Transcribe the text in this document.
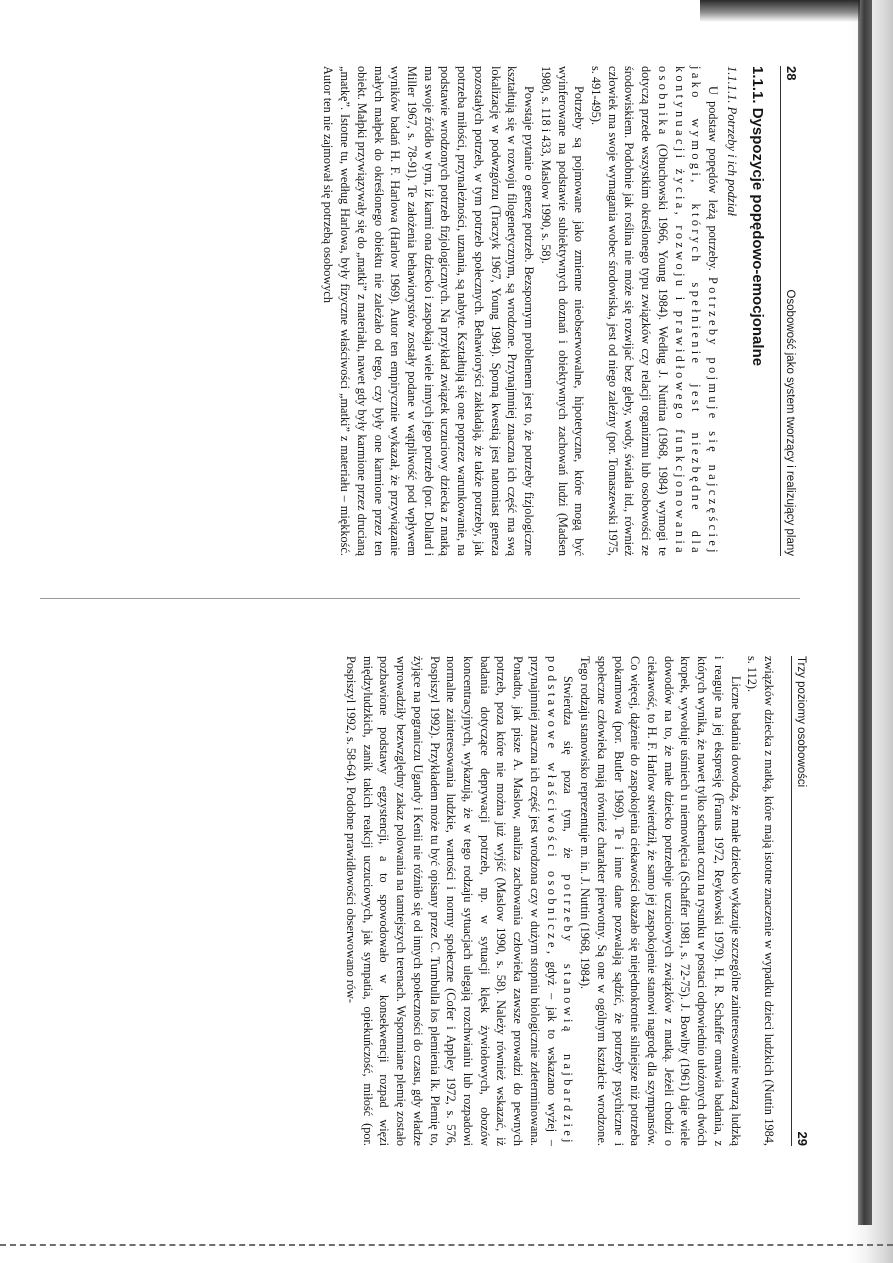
28
Osobowość jako system tworzący i realizujący plany
1.1.1. Dyspozycje popędowo-emocjonalne
1.1.1.1. Potrzeby i ich podział

U podstaw popędów leżą potrzeby. Potrzeby pojmuje się najczęściej jako wymogi, których spełnienie jest niezbędne dla kontynuacji życia, rozwoju i prawidłowego funkcjonowania osobnika (Obuchowski 1966, Young 1984). Według J. Nuttina (1968, 1984) wymogi te dotyczą przede wszystkim określonego typu związków czy relacji organizmu lub osobowości ze środowiskiem. Podobnie jak roślina nie może się rozwijać bez gleby, wody, światła itd., również człowiek ma swoje wymagania wobec środowiska, jest od niego zależny (por. Tomaszewski 1975, s. 491-495).

Potrzeby są pojmowane jako zmienne nieobserwowalne, hipotetyczne, które mogą być wyinferowane na podstawie subiektywnych doznań i obiektywnych zachowań ludzi (Madsen 1980, s. 118 i 433, Maslow 1990, s. 58).

Powstaje pytanie o genezę potrzeb. Bezspornym problemem jest to, że potrzeby fizjologiczne kształtują się w rozwoju filogenetycznym, są wrodzone. Przynajmniej znaczna ich część ma swą lokalizację w podwzgórzu (Traczyk 1967, Young 1984). Sporną kwestią jest natomiast geneza pozostałych potrzeb, w tym potrzeb społecznych. Behawioryści zakładają, że także potrzeby, jak potrzeba miłości, przynależności, uznania, są nabyte. Kształtują się one poprzez warunkowanie, na podstawie wrodzonych potrzeb fizjologicznych. Na przykład związek uczuciowy dziecka z matką ma swoje źródło w tym, iż karmi ona dziecko i zaspokaja wiele innych jego potrzeb (por. Dollard i Miller 1967, s. 78-91). Te założenia behawiorystów zostały podane w wątpliwość pod wpływem wyników badań H. F. Harlowa (Harlow 1969). Autor ten empirycznie wykazał, że przywiązanie małych małpek do określonego obiektu nie zależało od tego, czy były one karmione przez ten obiekt. Małpki przywiązywały się do „matki” z materiału, nawet gdy były karmione przez drucianą „matkę”. Istotne tu, według Harlowa, były fizyczne właściwości „matki” z materiału – miękkość. Autor ten nie zajmował się potrzebą osobowych

Trzy poziomy osobowości
29

związków dziecka z matką, które mają istotne znaczenie w wypadku dzieci ludzkich (Nuttin 1984, s. 112).

Liczne badania dowodzą, że małe dziecko wykazuje szczególne zainteresowanie twarzą ludzką i reaguje na jej ekspresję (Franus 1972, Reykowski 1979). H. R. Schaffer omawia badania, z których wynika, że nawet tylko schemat oczu na rysunku w postaci odpowiednio ułożonych dwóch kropek, wywołuje uśmiech u niemowlęcia (Schaffer 1981, s. 72-75). J. Bowlby (1961) daje wiele dowodów na to, że małe dziecko potrzebuje uczuciowych związków z matką. Jeżeli chodzi o ciekawość, to H. F. Harlow stwierdził, że samo jej zaspokojenie stanowi nagrodę dla szympansów. Co więcej, dążenie do zaspokojenia ciekawości okazało się niejednokrotnie silniejsze niż potrzeba pokarmowa (por. Butler 1969). Te i inne dane pozwalają sądzić, że potrzeby psychiczne i społeczne człowieka mają również charakter pierwotny. Są one w ogólnym kształcie wrodzone. Tego rodzaju stanowisko reprezentuje m. in. J. Nuttin (1968, 1984).

Stwierdza się poza tym, że potrzeby stanowią najbardziej podstawowe właściwości osobnicze, gdyż – jak to wskazano wyżej – przynajmniej znaczna ich część jest wrodzona czy w dużym stopniu biologicznie zdeterminowana. Ponadto, jak pisze A. Maslow, analiza zachowania człowieka zawsze prowadzi do pewnych potrzeb, poza które nie można już wyjść (Maslow 1990, s. 58). Należy również wskazać, iż badania dotyczące deprywacji potrzeb, np. w sytuacji klęsk żywiołowych, obozów koncentracyjnych, wykazują, że w tego rodzaju sytuacjach ulegają rozchwianiu lub rozpadowi normalne zainteresowania ludzkie, wartości i normy społeczne (Cofer i Appley 1972, s. 576, Pospiszyl 1992). Przykładem może tu być opisany przez C. Turnbulla los plemienia Ik. Plemię to, żyjące na pograniczu Ugandy i Kenii nie różniło się od innych społeczności do czasu, gdy władze wprowadziły bezwzględny zakaz polowania na tamtejszych terenach. Wspomniane plemię zostało pozbawione podstawy egzystencji, a to spowodowało w konsekwencji rozpad więzi międzyludzkich, zanik takich reakcji uczuciowych, jak sympatia, opiekuńczość, miłość (por. Pospiszyl 1992, s. 58-64). Podobne prawidłowości obserwowano rów-
